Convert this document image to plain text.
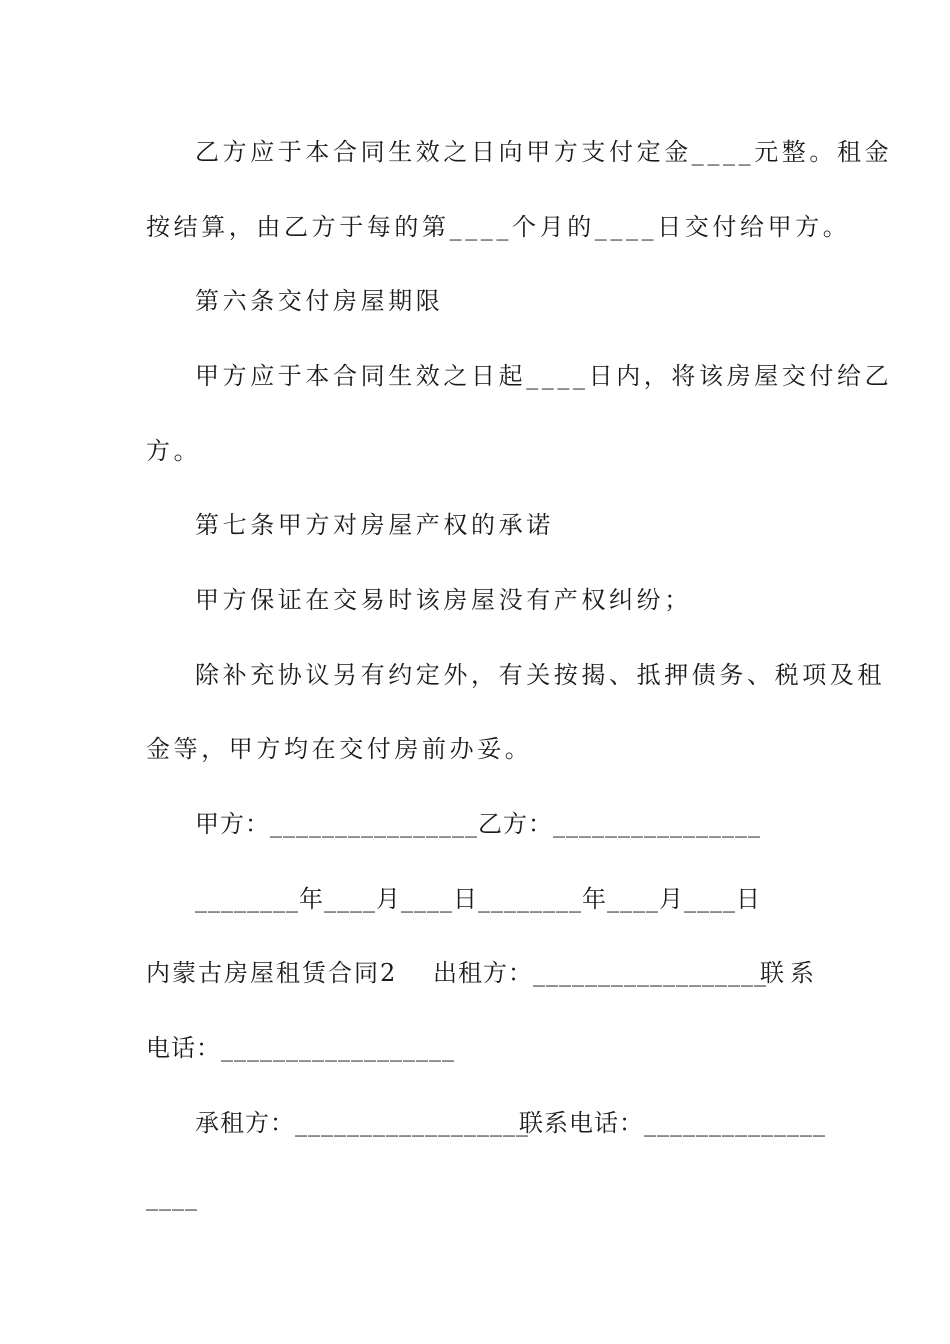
乙方应于本合同生效之日向甲方支付定金____元整。租金

按结算，由乙方于每的第____个月的____日交付给甲方。

第六条交付房屋期限

甲方应于本合同生效之日起____日内，将该房屋交付给乙

方。

第七条甲方对房屋产权的承诺

甲方保证在交易时该房屋没有产权纠纷；

除补充协议另有约定外，有关按揭、抵押债务、税项及租

金等，甲方均在交付房前办妥。

甲方：________________乙方：________________

________年____月____日________年____月____日

内蒙古房屋租赁合同2

出租方：__________________

联系

电话：__________________

承租方：__________________

联系电话：______________

____
